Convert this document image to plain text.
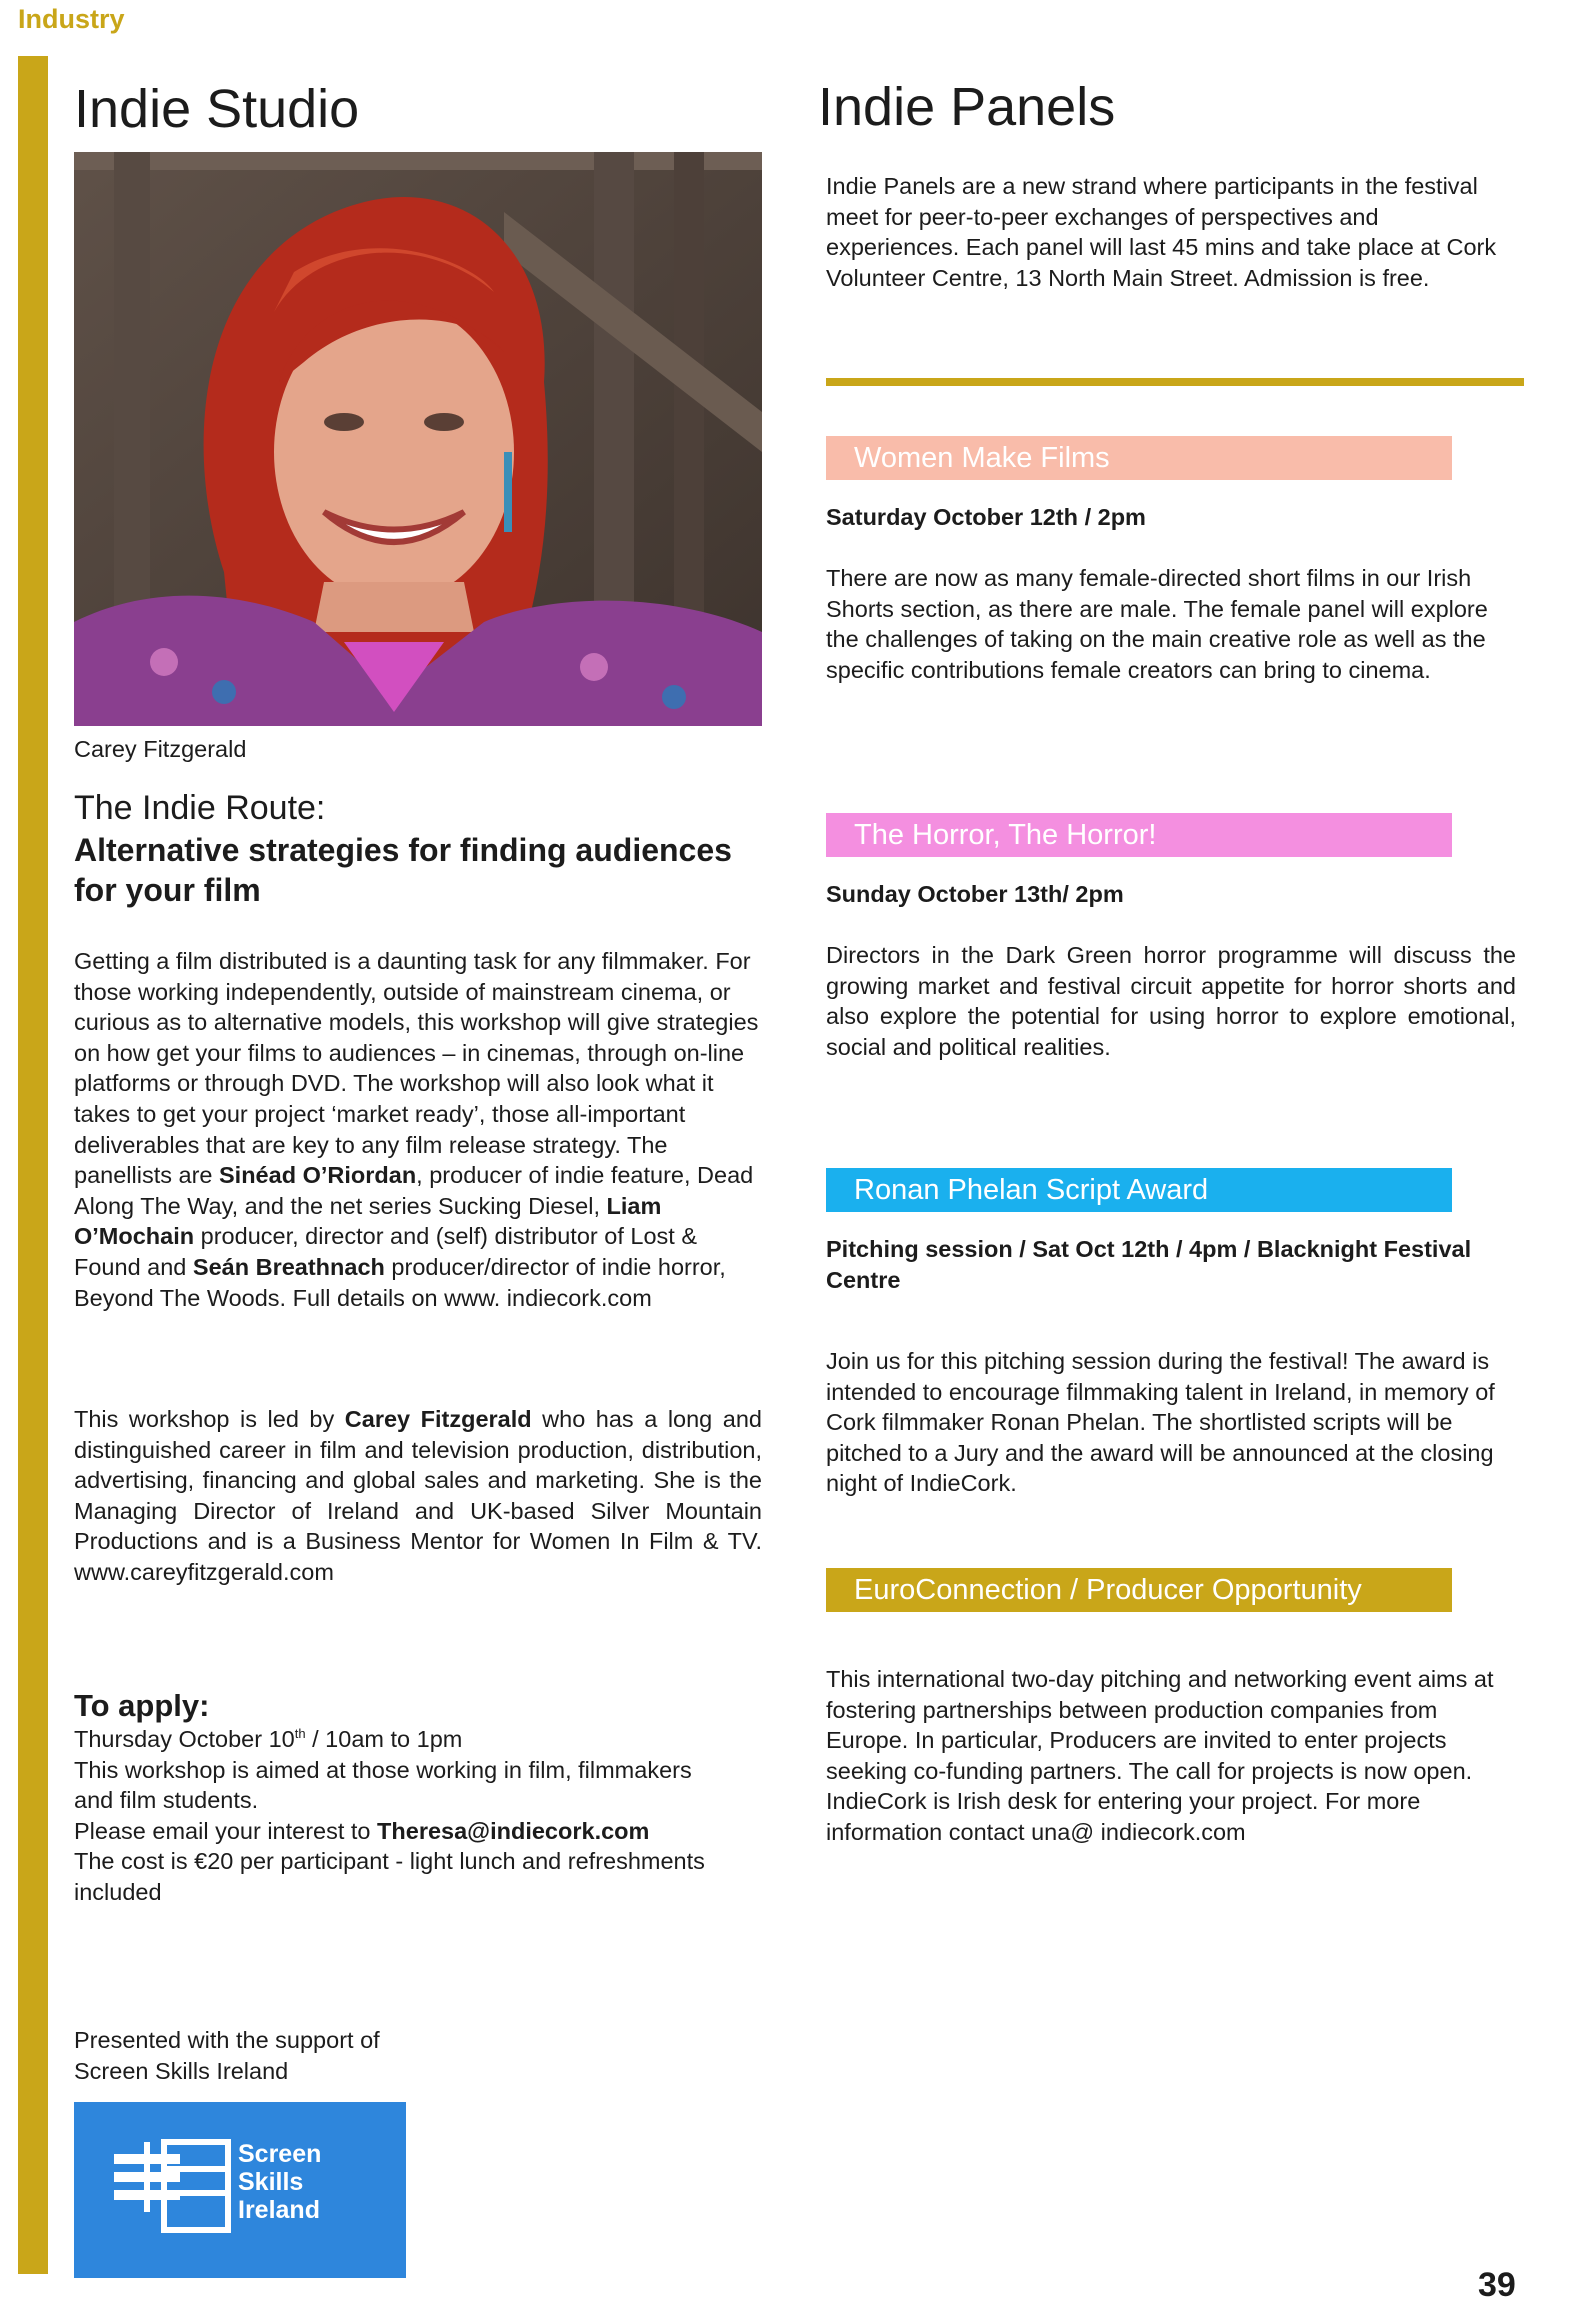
Industry
Indie Studio
Carey Fitzgerald
The Indie Route:
Alternative strategies for finding audiences for your film
Getting a film distributed is a daunting task for any filmmaker. For those working independently, outside of mainstream cinema, or curious as to alternative models, this workshop will give strategies on how get your films to audiences – in cinemas, through on-line platforms or through DVD. The workshop will also look what it takes to get your project ‘market ready’, those all-important deliverables that are key to any film release strategy. The panellists are Sinéad O’Riordan, producer of indie feature, Dead Along The Way, and the net series Sucking Diesel, Liam O’Mochain producer, director and (self) distributor of Lost & Found and Seán Breathnach producer/director of indie horror, Beyond The Woods. Full details on www. indiecork.com
This workshop is led by Carey Fitzgerald who has a long and distinguished career in film and television production, distribution, advertising, financing and global sales and marketing. She is the Managing Director of Ireland and UK-based Silver Mountain Productions and is a Business Mentor for Women In Film & TV. www.careyfitzgerald.com
To apply:
Thursday October 10th / 10am to 1pm
This workshop is aimed at those working in film, filmmakers and film students.
Please email your interest to Theresa@indiecork.com
The cost is €20 per participant - light lunch and refreshments included
Presented with the support of Screen Skills Ireland
Screen
Skills
Ireland
Indie Panels
Indie Panels are a new strand where participants in the festival meet for peer-to-peer exchanges of perspectives and experiences. Each panel will last 45 mins and take place at Cork Volunteer Centre, 13 North Main Street. Admission is free.
Women Make Films
Saturday October 12th / 2pm
There are now as many female-directed short films in our Irish Shorts section, as there are male. The female panel will explore the challenges of taking on the main creative role as well as the specific contributions female creators can bring to cinema.
The Horror, The Horror!
Sunday October 13th/ 2pm
Directors in the Dark Green horror programme will discuss the growing market and festival circuit appetite for horror shorts and also explore the potential for using horror to explore emotional, social and political realities.
Ronan Phelan Script Award
Pitching session / Sat Oct 12th / 4pm / Blacknight Festival Centre
Join us for this pitching session during the festival! The award is intended to encourage filmmaking talent in Ireland, in memory of Cork filmmaker Ronan Phelan. The shortlisted scripts will be pitched to a Jury and the award will be announced at the closing night of IndieCork.
EuroConnection / Producer Opportunity
This international two-day pitching and networking event aims at fostering partnerships between production companies from Europe. In particular, Producers are invited to enter projects seeking co-funding partners. The call for projects is now open. IndieCork is Irish desk for entering your project. For more information contact una@ indiecork.com
39
